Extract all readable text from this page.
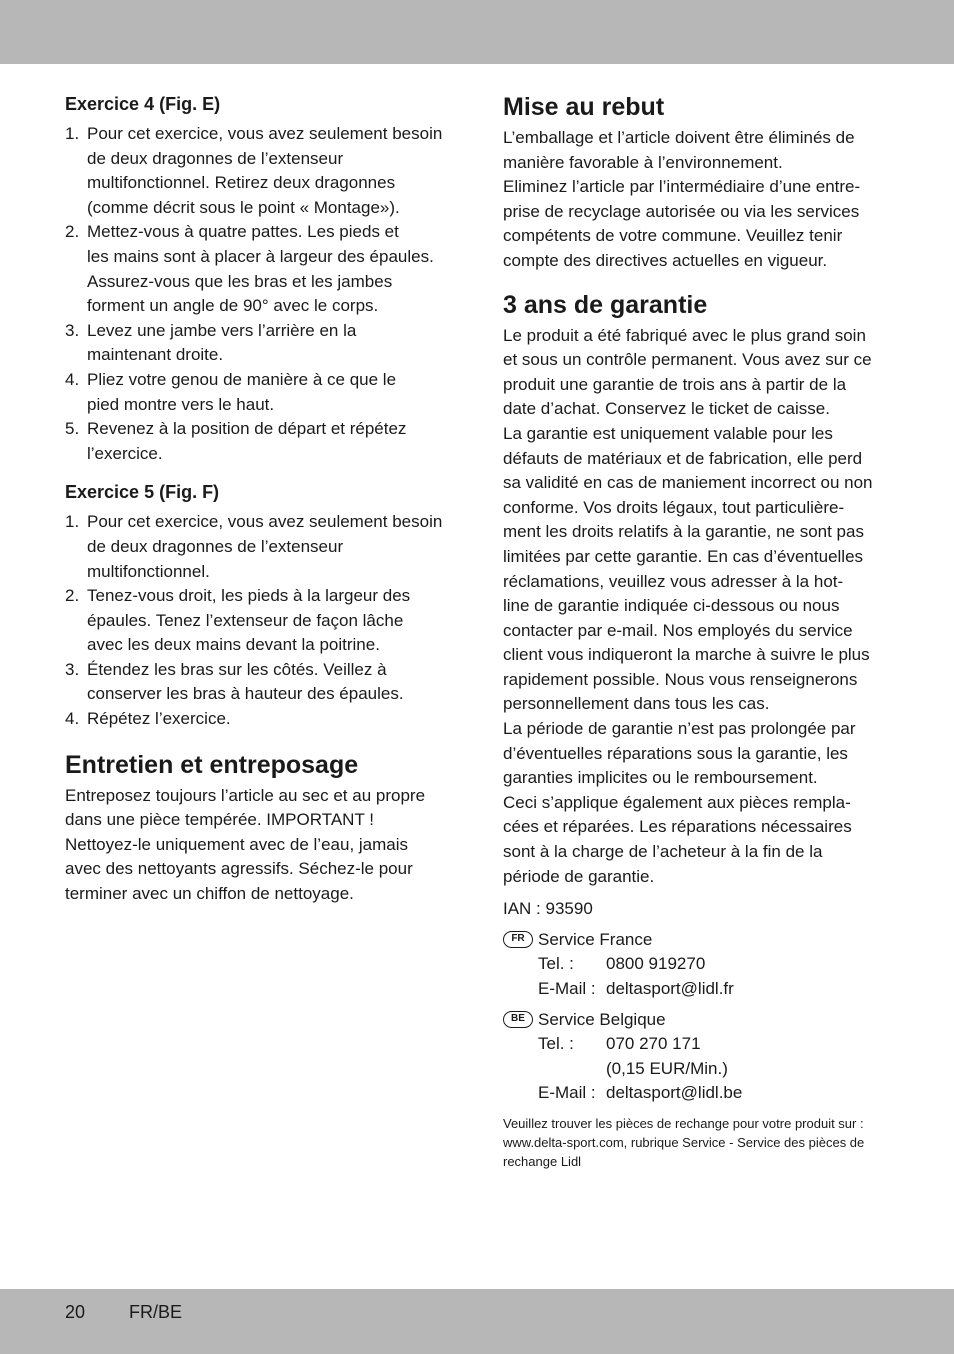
Exercice 4 (Fig. E)
1. Pour cet exercice, vous avez seulement besoin
de deux dragonnes de l’extenseur
multifonctionnel. Retirez deux dragonnes
(comme décrit sous le point « Montage»).
2. Mettez-vous à quatre pattes. Les pieds et
les mains sont à placer à largeur des épaules.
Assurez-vous que les bras et les jambes
forment un angle de 90° avec le corps.
3. Levez une jambe vers l’arrière en la
maintenant droite.
4. Pliez votre genou de manière à ce que le
pied montre vers le haut.
5. Revenez à la position de départ et répétez
l’exercice.
Exercice 5 (Fig. F)
1. Pour cet exercice, vous avez seulement besoin
de deux dragonnes de l’extenseur
multifonctionnel.
2. Tenez-vous droit, les pieds à la largeur des
épaules. Tenez l’extenseur de façon lâche
avec les deux mains devant la poitrine.
3. Étendez les bras sur les côtés. Veillez à
conserver les bras à hauteur des épaules.
4. Répétez l’exercice.
Entretien et entreposage

Entreposez toujours l’article au sec et au propre
dans une pièce tempérée. IMPORTANT !
Nettoyez-le uniquement avec de l’eau, jamais
avec des nettoyants agressifs. Séchez-le pour
terminer avec un chiffon de nettoyage.

Mise au rebut

L’emballage et l’article doivent être éliminés de
manière favorable à l’environnement.
Eliminez l’article par l’intermédiaire d’une entre-
prise de recyclage autorisée ou via les services
compétents de votre commune. Veuillez tenir
compte des directives actuelles en vigueur.

3 ans de garantie

Le produit a été fabriqué avec le plus grand soin
et sous un contrôle permanent. Vous avez sur ce
produit une garantie de trois ans à partir de la
date d’achat. Conservez le ticket de caisse.
La garantie est uniquement valable pour les
défauts de matériaux et de fabrication, elle perd
sa validité en cas de maniement incorrect ou non
conforme. Vos droits légaux, tout particulière-
ment les droits relatifs à la garantie, ne sont pas
limitées par cette garantie. En cas d’éventuelles
réclamations, veuillez vous adresser à la hot-
line de garantie indiquée ci-dessous ou nous
contacter par e-mail. Nos employés du service
client vous indiqueront la marche à suivre le plus
rapidement possible. Nous vous renseignerons
personnellement dans tous les cas.
La période de garantie n’est pas prolongée par
d’éventuelles réparations sous la garantie, les
garanties implicites ou le remboursement.
Ceci s’applique également aux pièces rempla-
cées et réparées. Les réparations nécessaires
sont à la charge de l’acheteur à la fin de la
période de garantie.

IAN : 93590

FR Service France
Tel. :	0800 919270
E-Mail : deltasport@lidl.fr
BE Service Belgique
Tel. :	070 270 171
(0,15 EUR/Min.)
E-Mail : deltasport@lidl.be

Veuillez trouver les pièces de rechange pour votre produit sur :
www.delta-sport.com, rubrique Service - Service des pièces de
rechange Lidl

20 FR/BE
